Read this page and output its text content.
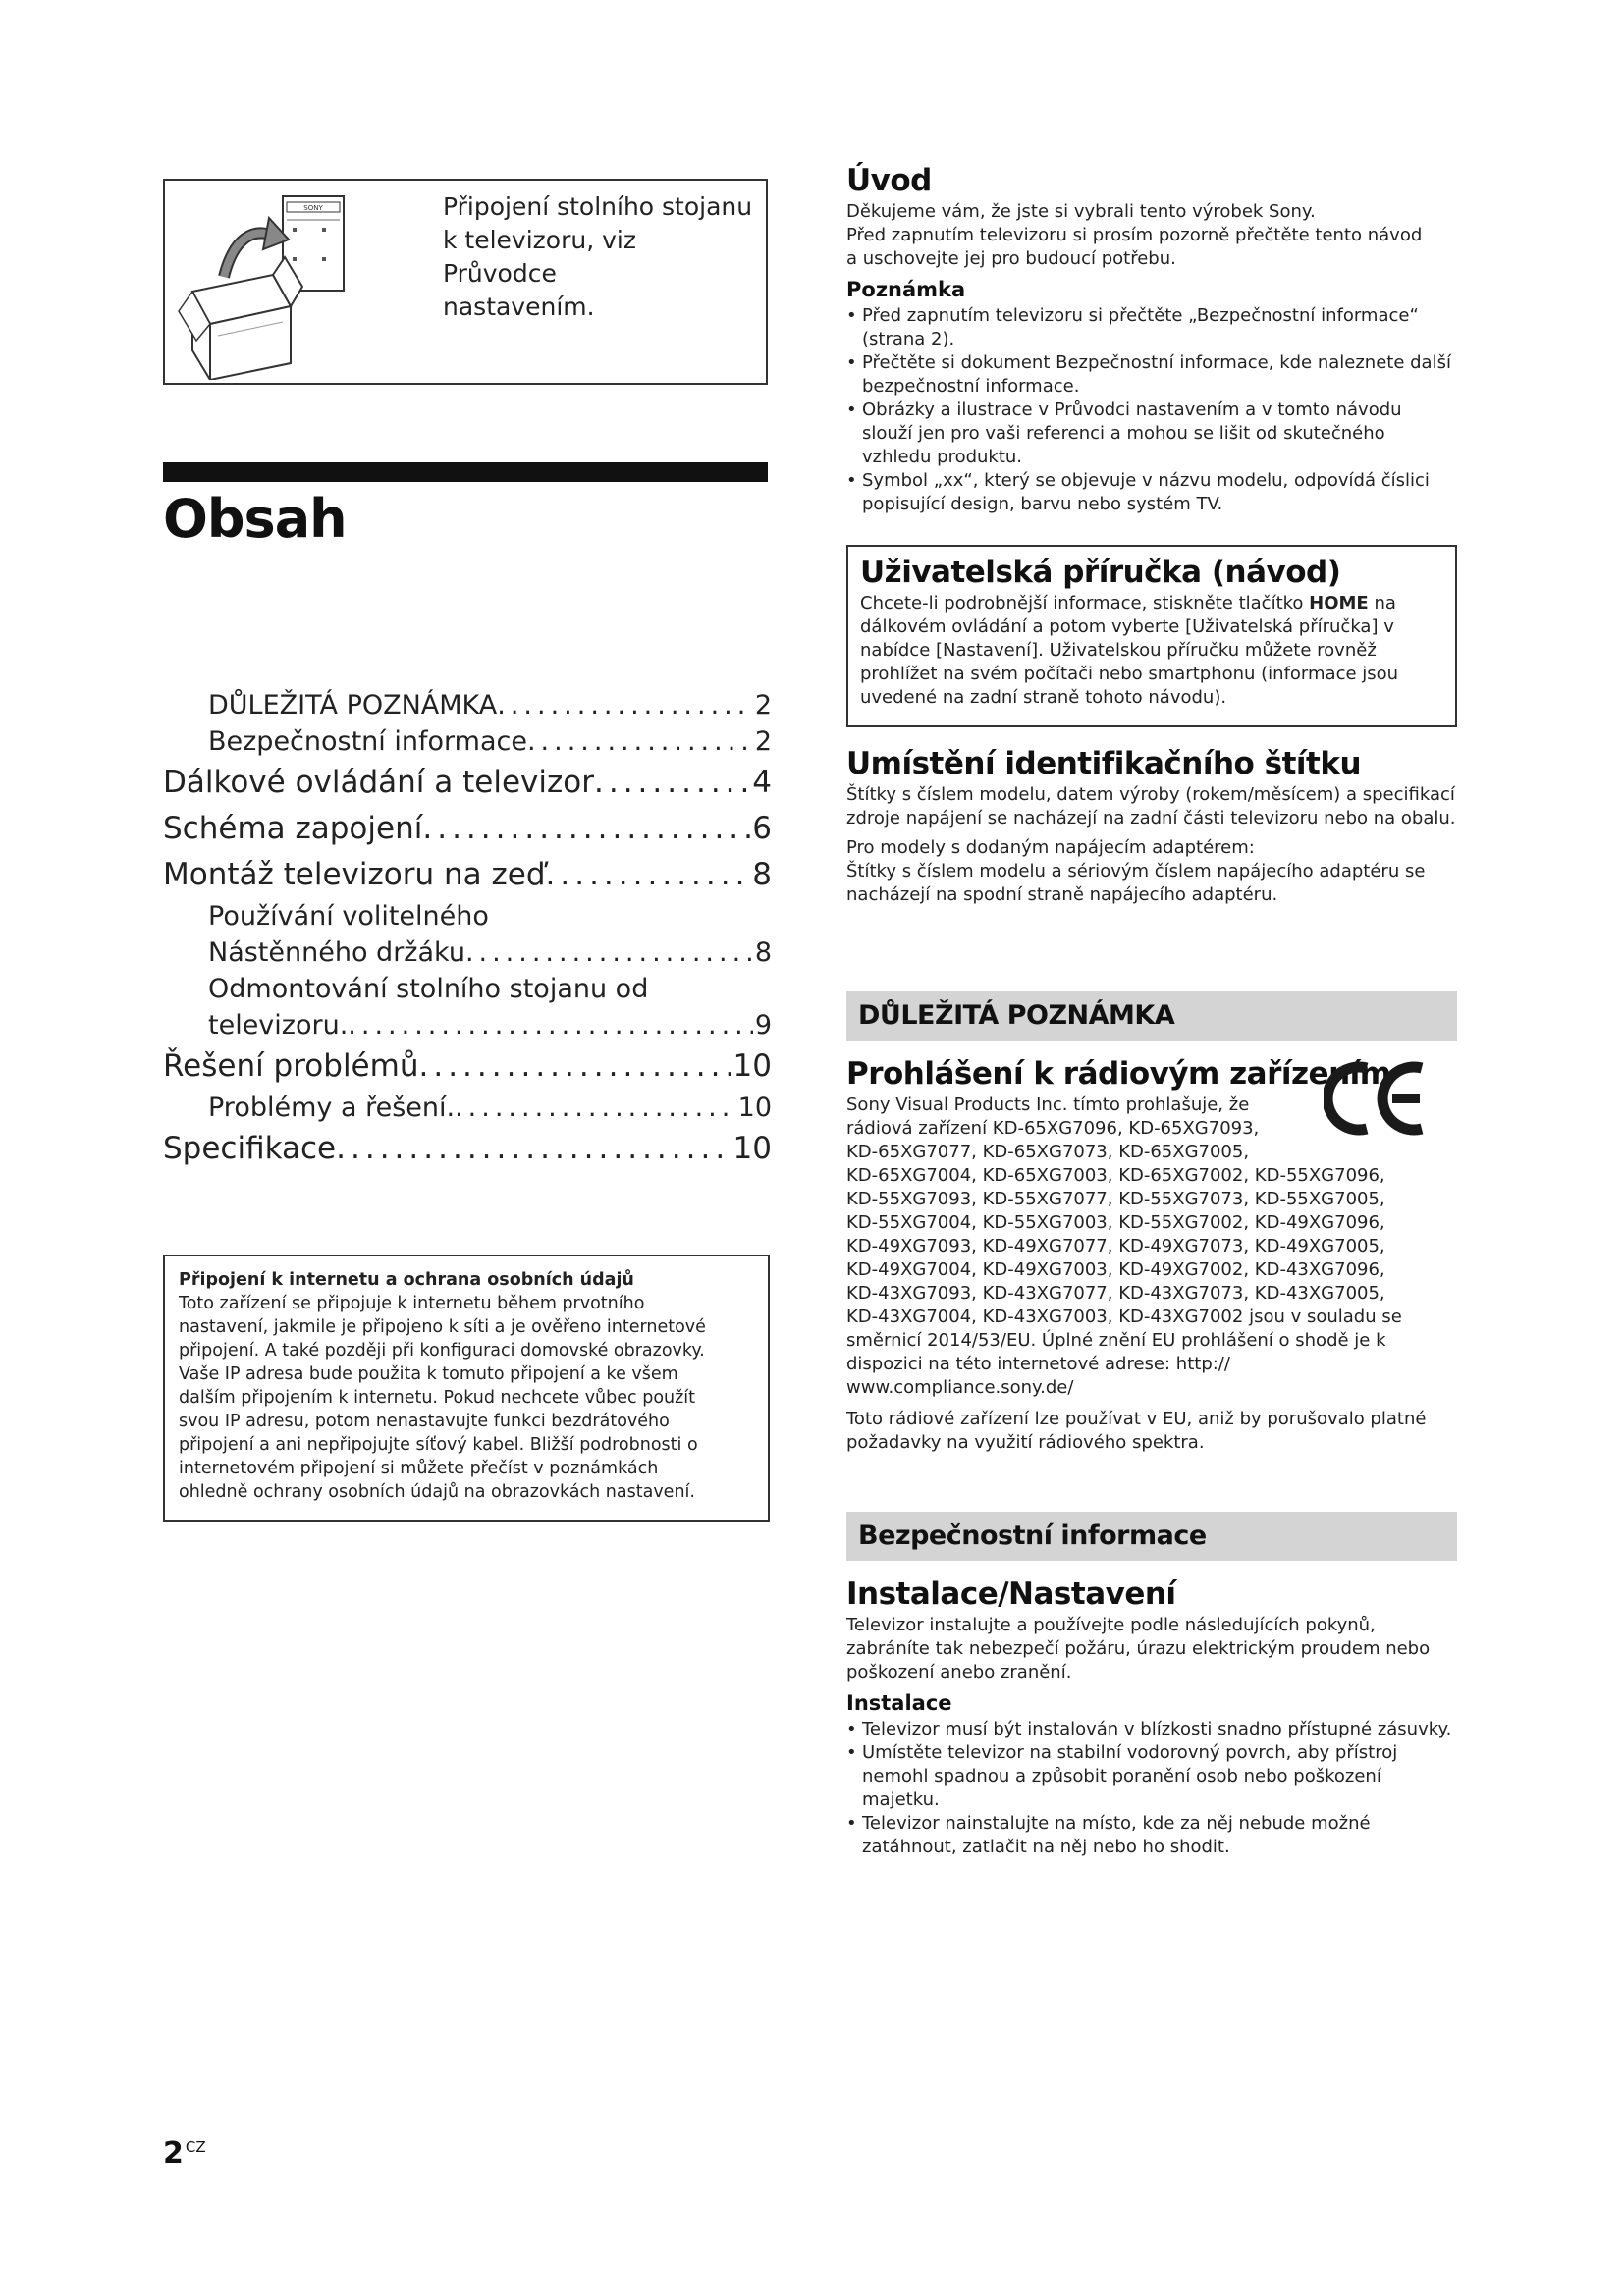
SONY	Připojení stolního stojanu
k televizoru, viz Průvodce
nastavením.
Obsah
DŮLEŽITÁ POZNÁMKA .....	2
Bezpečnostní informace .....	2
Dálkové ovládání a televizor .....	4
Schéma zapojení .....	6
Montáž televizoru na zeď .....	8
Používání volitelného
Nástěnného držáku .....	8
Odmontování stolního stojanu od
televizoru. .....	9
Řešení problémů .....	10
Problémy a řešení. .....	10
Specifikace .....	10
Připojení k internetu a ochrana osobních údajů
Toto zařízení se připojuje k internetu během prvotního
nastavení, jakmile je připojeno k síti a je ověřeno internetové
připojení. A také později při konfiguraci domovské obrazovky.
Vaše IP adresa bude použita k tomuto připojení a ke všem
dalším připojením k internetu. Pokud nechcete vůbec použít
svou IP adresu, potom nenastavujte funkci bezdrátového
připojení a ani nepřipojujte síťový kabel. Bližší podrobnosti o
internetovém připojení si můžete přečíst v poznámkách
ohledně ochrany osobních údajů na obrazovkách nastavení.
2 $^{CZ}$
Úvod

Děkujeme vám, že jste si vybrali tento výrobek Sony.

Před zapnutím televizoru si prosím pozorně přečtěte tento návod

a uschovejte jej pro budoucí potřebu.

Poznámka
• Před zapnutím televizoru si přečtěte „Bezpečnostní informace“ (strana 2).
• Přečtěte si dokument Bezpečnostní informace, kde naleznete další bezpečnostní informace.
• Obrázky a ilustrace v Průvodci nastavením a v tomto návodu slouží jen pro vaši referenci a mohou se lišit od skutečného vzhledu produktu.
• Symbol „xx“, který se objevuje v názvu modelu, odpovídá číslici popisující design, barvu nebo systém TV.
Uživatelská příručka (návod)

Chcete-li podrobnější informace, stiskněte tlačítko HOME na dálkovém ovládání a potom vyberte [Uživatelská příručka] v nabídce [Nastavení]. Uživatelskou příručku můžete rovněž prohlížet na svém počítači nebo smartphonu (informace jsou uvedené na zadní straně tohoto návodu).

Umístění identifikačního štítku

Štítky s číslem modelu, datem výroby (rokem/měsícem) a specifikací zdroje napájení se nacházejí na zadní části televizoru nebo na obalu.

Pro modely s dodaným napájecím adaptérem:

Štítky s číslem modelu a sériovým číslem napájecího adaptéru se nacházejí na spodní straně napájecího adaptéru.

DŮLEŽITÁ POZNÁMKA
Prohlášení k rádiovým zařízením

Sony Visual Products Inc. tímto prohlašuje, že

rádiová zařízení KD-65XG7096, KD-65XG7093,

KD-65XG7077, KD-65XG7073, KD-65XG7005,

KD-65XG7004, KD-65XG7003, KD-65XG7002, KD-55XG7096,

KD-55XG7093, KD-55XG7077, KD-55XG7073, KD-55XG7005,

KD-55XG7004, KD-55XG7003, KD-55XG7002, KD-49XG7096,

KD-49XG7093, KD-49XG7077, KD-49XG7073, KD-49XG7005,

KD-49XG7004, KD-49XG7003, KD-49XG7002, KD-43XG7096,

KD-43XG7093, KD-43XG7077, KD-43XG7073, KD-43XG7005,

KD-43XG7004, KD-43XG7003, KD-43XG7002 jsou v souladu se

směrnicí 2014/53/EU. Úplné znění EU prohlášení o shodě je k

dispozici na této internetové adrese: http://

www.compliance.sony.de/

Toto rádiové zařízení lze používat v EU, aniž by porušovalo platné požadavky na využití rádiového spektra.

Bezpečnostní informace
Instalace/Nastavení

Televizor instalujte a používejte podle následujících pokynů, zabráníte tak nebezpečí požáru, úrazu elektrickým proudem nebo poškození anebo zranění.

Instalace
• Televizor musí být instalován v blízkosti snadno přístupné zásuvky.
• Umístěte televizor na stabilní vodorovný povrch, aby přístroj nemohl spadnou a způsobit poranění osob nebo poškození majetku.
• Televizor nainstalujte na místo, kde za něj nebude možné zatáhnout, zatlačit na něj nebo ho shodit.
